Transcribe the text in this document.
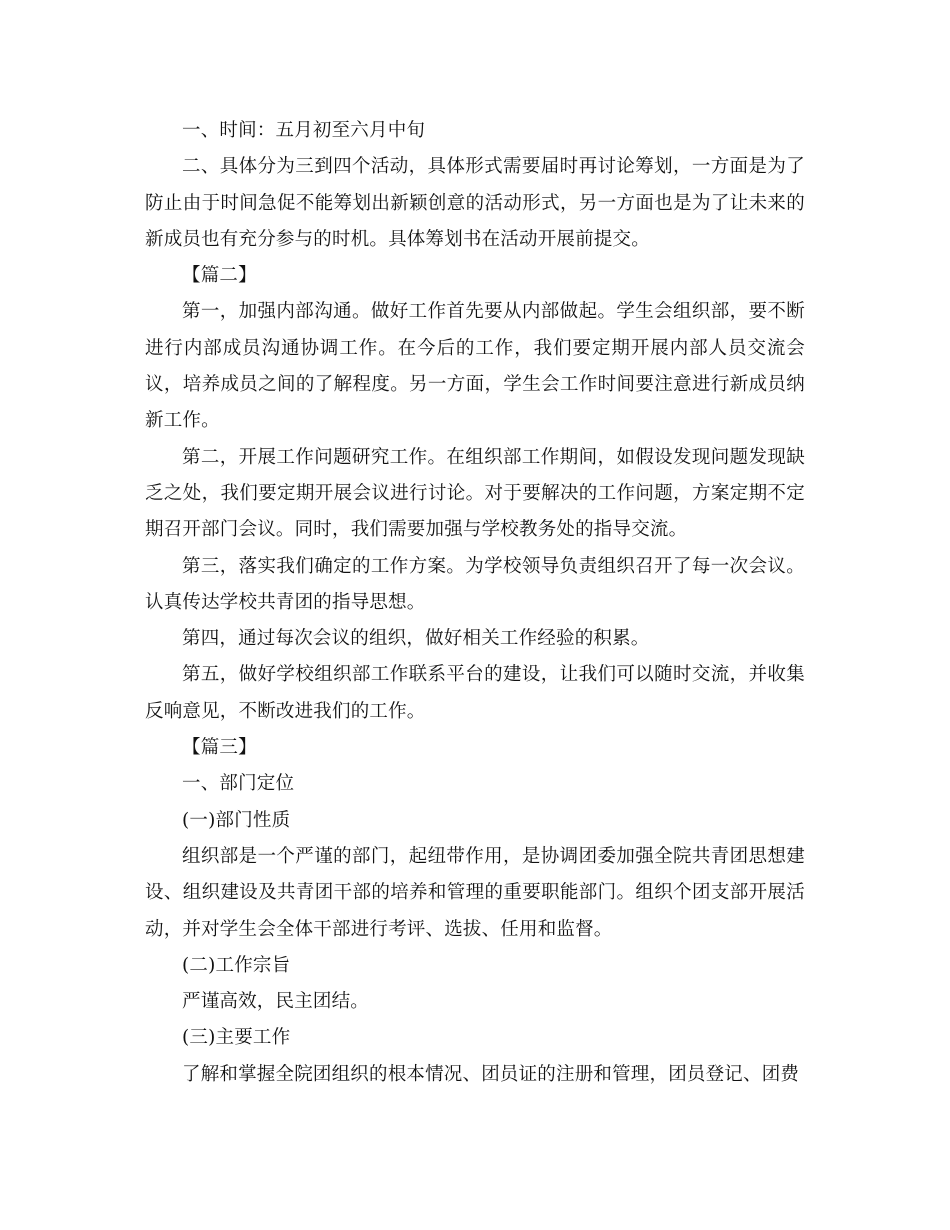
一、时间：五月初至六月中旬

二、具体分为三到四个活动，具体形式需要届时再讨论筹划，一方面是为了防止由于时间急促不能筹划出新颖创意的活动形式，另一方面也是为了让未来的新成员也有充分参与的时机。具体筹划书在活动开展前提交。

【篇二】

第一，加强内部沟通。做好工作首先要从内部做起。学生会组织部，要不断进行内部成员沟通协调工作。在今后的工作，我们要定期开展内部人员交流会议，培养成员之间的了解程度。另一方面，学生会工作时间要注意进行新成员纳新工作。

第二，开展工作问题研究工作。在组织部工作期间，如假设发现问题发现缺乏之处，我们要定期开展会议进行讨论。对于要解决的工作问题，方案定期不定期召开部门会议。同时，我们需要加强与学校教务处的指导交流。

第三，落实我们确定的工作方案。为学校领导负责组织召开了每一次会议。认真传达学校共青团的指导思想。

第四，通过每次会议的组织，做好相关工作经验的积累。

第五，做好学校组织部工作联系平台的建设，让我们可以随时交流，并收集反响意见，不断改进我们的工作。

【篇三】

一、部门定位

(一)部门性质

组织部是一个严谨的部门，起纽带作用，是协调团委加强全院共青团思想建设、组织建设及共青团干部的培养和管理的重要职能部门。组织个团支部开展活动，并对学生会全体干部进行考评、选拔、任用和监督。

(二)工作宗旨

严谨高效，民主团结。

(三)主要工作

了解和掌握全院团组织的根本情况、团员证的注册和管理，团员登记、团费
